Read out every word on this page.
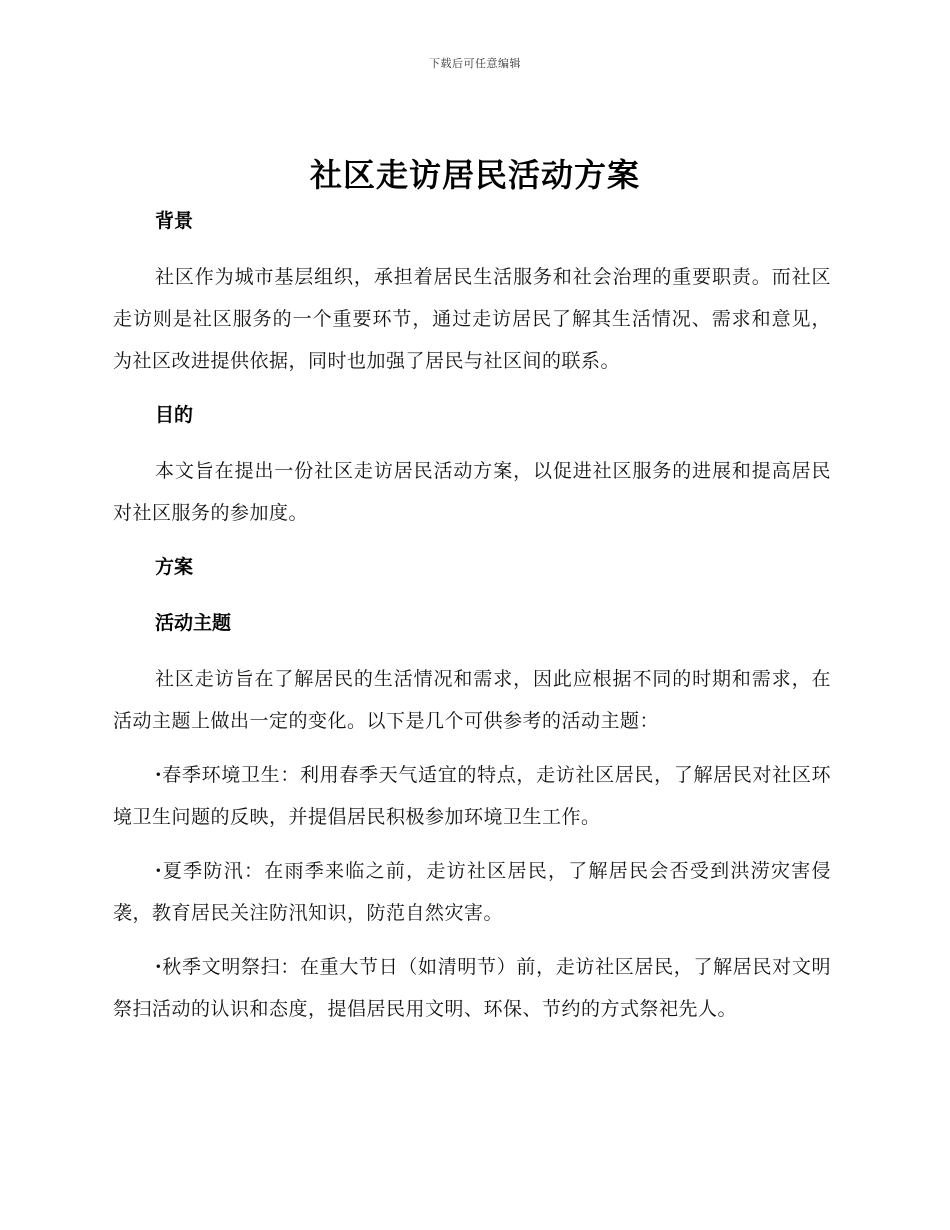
下载后可任意编辑
社区走访居民活动方案
背景

社区作为城市基层组织，承担着居民生活服务和社会治理的重要职责。而社区走访则是社区服务的一个重要环节，通过走访居民了解其生活情况、需求和意见，为社区改进提供依据，同时也加强了居民与社区间的联系。

目的

本文旨在提出一份社区走访居民活动方案，以促进社区服务的进展和提高居民对社区服务的参加度。

方案
活动主题

社区走访旨在了解居民的生活情况和需求，因此应根据不同的时期和需求，在活动主题上做出一定的变化。以下是几个可供参考的活动主题：

·春季环境卫生：利用春季天气适宜的特点，走访社区居民，了解居民对社区环境卫生问题的反映，并提倡居民积极参加环境卫生工作。

·夏季防汛：在雨季来临之前，走访社区居民，了解居民会否受到洪涝灾害侵袭，教育居民关注防汛知识，防范自然灾害。

·秋季文明祭扫：在重大节日（如清明节）前，走访社区居民，了解居民对文明祭扫活动的认识和态度，提倡居民用文明、环保、节约的方式祭祀先人。
